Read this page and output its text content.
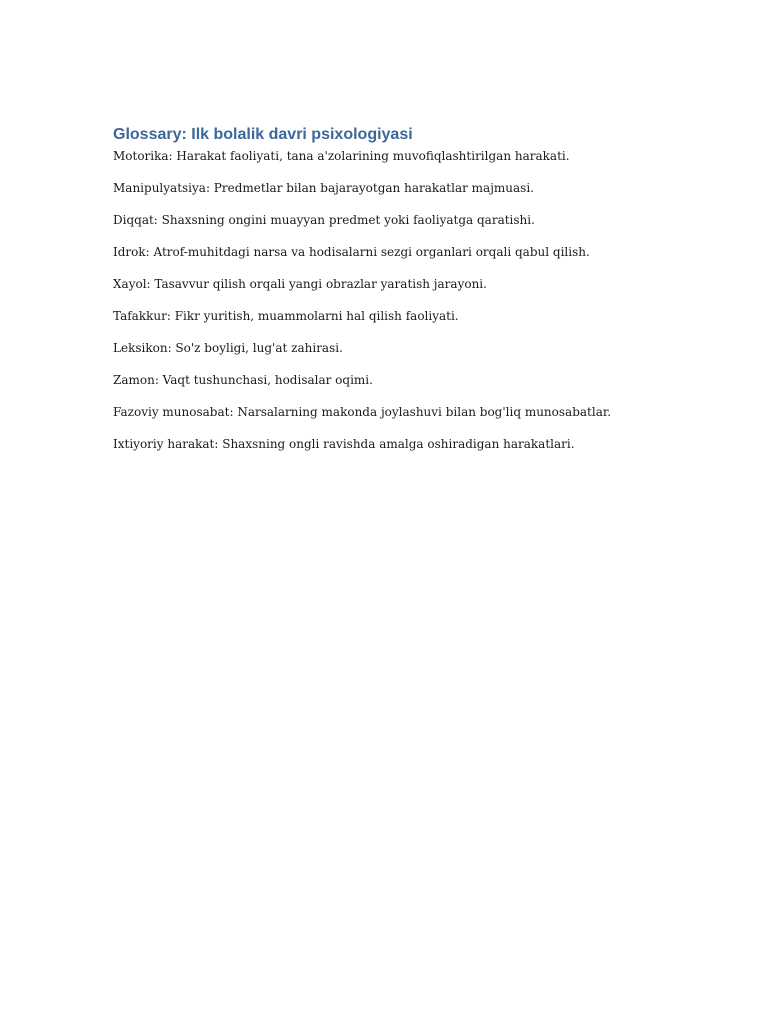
Glossary: Ilk bolalik davri psixologiyasi

Motorika: Harakat faoliyati, tana a'zolarining muvofiqlashtirilgan harakati.

Manipulyatsiya: Predmetlar bilan bajarayotgan harakatlar majmuasi.

Diqqat: Shaxsning ongini muayyan predmet yoki faoliyatga qaratishi.

Idrok: Atrof-muhitdagi narsa va hodisalarni sezgi organlari orqali qabul qilish.

Xayol: Tasavvur qilish orqali yangi obrazlar yaratish jarayoni.

Tafakkur: Fikr yuritish, muammolarni hal qilish faoliyati.

Leksikon: So'z boyligi, lug'at zahirasi.

Zamon: Vaqt tushunchasi, hodisalar oqimi.

Fazoviy munosabat: Narsalarning makonda joylashuvi bilan bog'liq munosabatlar.

Ixtiyoriy harakat: Shaxsning ongli ravishda amalga oshiradigan harakatlari.
